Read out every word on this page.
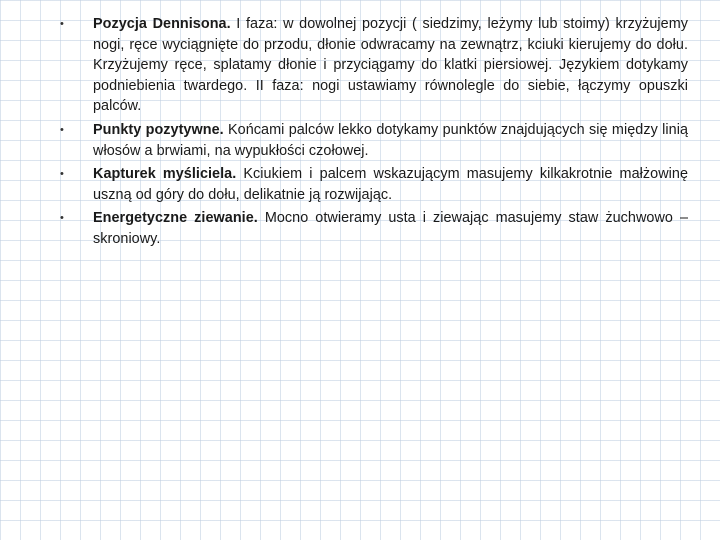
• Pozycja Dennisona. I faza: w dowolnej pozycji ( siedzimy, leżymy lub stoimy) krzyżujemy nogi, ręce wyciągnięte do przodu, dłonie odwracamy na zewnątrz, kciuki kierujemy do dołu. Krzyżujemy ręce, splatamy dłonie i przyciągamy do klatki piersiowej. Językiem dotykamy podniebienia twardego. II faza: nogi ustawiamy równolegle do siebie, łączymy opuszki palców.
• Punkty pozytywne. Końcami palców lekko dotykamy punktów znajdujących się między linią włosów a brwiami, na wypukłości czołowej.
• Kapturek myśliciela. Kciukiem i palcem wskazującym masujemy kilkakrotnie małżowinę uszną od góry do dołu, delikatnie ją rozwijając.
• Energetyczne ziewanie. Mocno otwieramy usta i ziewając masujemy staw żuchwowo – skroniowy.
